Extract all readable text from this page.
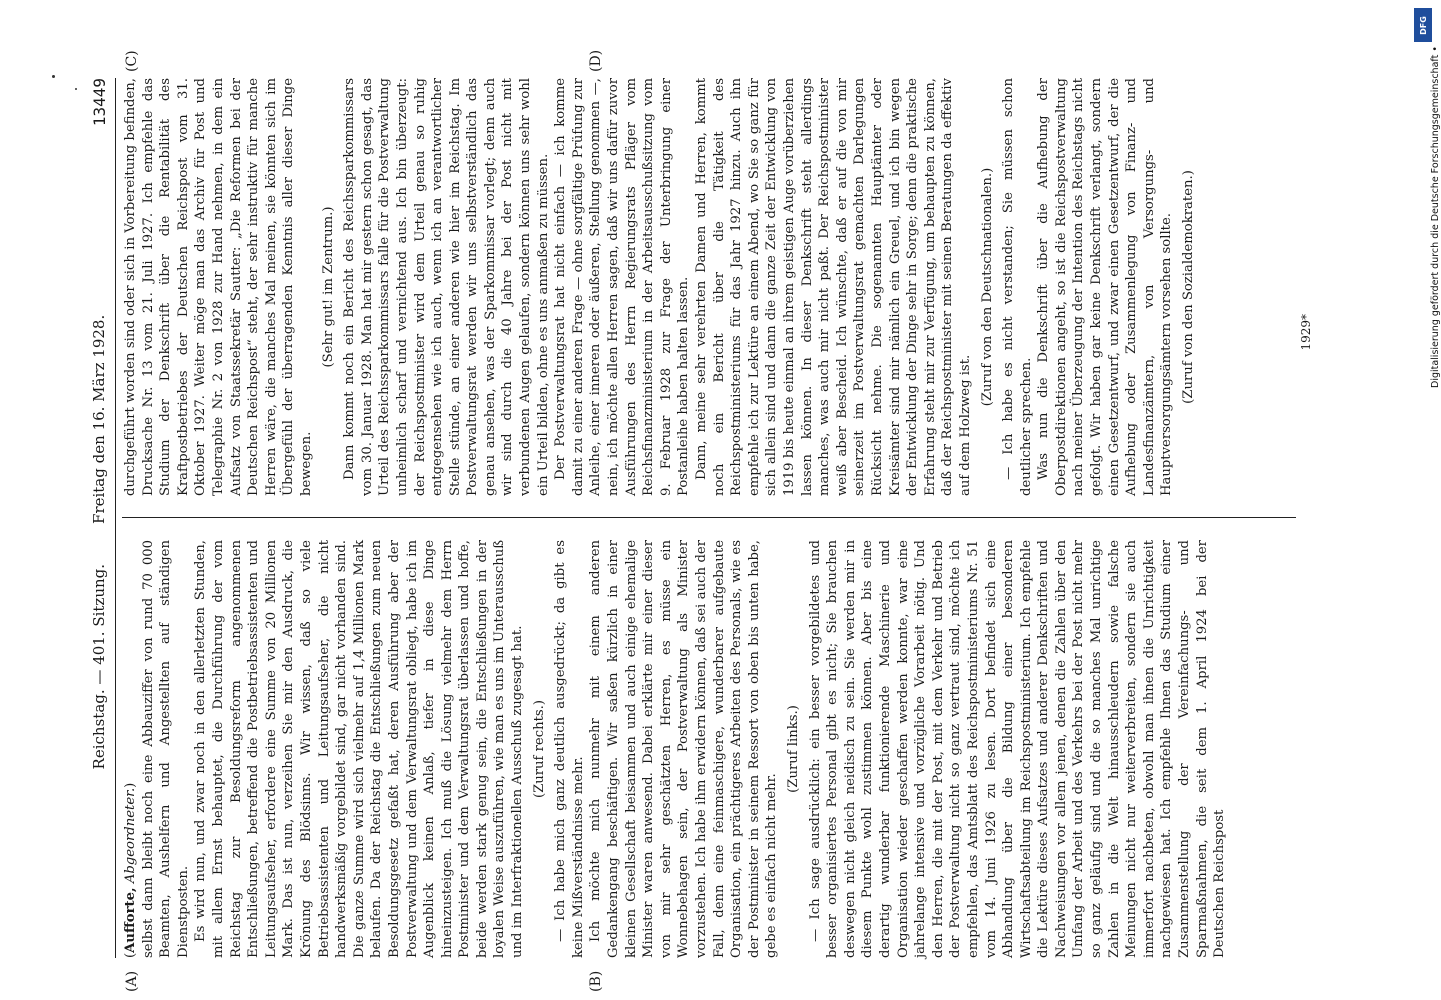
Reichstag. — 401. Sitzung.
Freitag den 16. März 1928.
13449

(Aufforte, Abgeordneter.) selbst dann bleibt noch eine Abbauziffer von rund 70 000 Beamten, Aushelfern und Angestellten auf ständigen Dienstposten. Es wird nun, und zwar noch in den allerletzten Stunden, mit allem Ernst behauptet, die Durchführung der vom Reichstag zur Besoldungsreform angenommenen Entschließungen, betreffend die Postbetriebsassistenten und Leitungsaufseher, erfordere eine Summe von 20 Millionen Mark. Das ist nun, verzeihen Sie mir den Ausdruck, die Krönung des Blödsinns. Wir wissen, daß so viele Betriebsassistenten und Leitungsaufseher, die nicht handwerksmäßig vorgebildet sind, gar nicht vorhanden sind. Die ganze Summe wird sich vielmehr auf 1,4 Millionen Mark belaufen. Da der Reichstag die Entschließungen zum neuen Besoldungsgesetz gefaßt hat, deren Ausführung aber der Postverwaltung und dem Verwaltungsrat obliegt, habe ich im Augenblick keinen Anlaß, tiefer in diese Dinge hineinzusteigen. Ich muß die Lösung vielmehr dem Herrn Postminister und dem Verwaltungsrat überlassen und hoffe, beide werden stark genug sein, die Entschließungen in der loyalen Weise auszuführen, wie man es uns im Unterausschuß und im Interfraktionellen Ausschuß zugesagt hat. (Zuruf rechts.) — Ich habe mich ganz deutlich ausgedrückt; da gibt es keine Mißverständnisse mehr. Ich möchte mich nunmehr mit einem anderen Gedankengang beschäftigen. Wir saßen kürzlich in einer kleinen Gesellschaft beisammen und auch einige ehemalige Minister waren anwesend. Dabei erklärte mir einer dieser von mir sehr geschätzten Herren, es müsse ein Wonnebehagen sein, der Postverwaltung als Minister vorzustehen. Ich habe ihm erwidern können, daß sei auch der Fall, denn eine feinmaschigere, wunderbarer aufgebaute Organisation, ein prächtigeres Arbeiten des Personals, wie es der Postminister in seinem Ressort von oben bis unten habe, gebe es einfach nicht mehr.

(Zuruf links.) — Ich sage ausdrücklich: ein besser vorgebildetes und besser organisiertes Personal gibt es nicht; Sie brauchen deswegen nicht gleich neidisch zu sein. Sie werden mir in diesem Punkte wohl zustimmen können. Aber bis eine derartig wunderbar funktionierende Maschinerie und Organisation wieder geschaffen werden konnte, war eine jahrelange intensive und vorzügliche Vorarbeit nötig. Und den Herren, die mit der Post, mit dem Verkehr und Betrieb der Postverwaltung nicht so ganz vertraut sind, möchte ich empfehlen, das Amtsblatt des Reichspostministeriums Nr. 51 vom 14. Juni 1926 zu lesen. Dort befindet sich eine Abhandlung über die Bildung einer besonderen Wirtschaftsabteilung im Reichspostministerium. Ich empfehle die Lektüre dieses Aufsatzes und anderer Denkschriften und Nachweisungen vor allem jenen, denen die Zahlen über den Umfang der Arbeit und des Verkehrs bei der Post nicht mehr so ganz geläufig sind und die so manches Mal unrichtige Zahlen in die Welt hinausschleudern sowie falsche Meinungen nicht nur weiterverbreiten, sondern sie auch immerfort nachbeten, obwohl man ihnen die Unrichtigkeit nachgewiesen hat. Ich empfehle Ihnen das Studium einer Zusammenstellung der Vereinfachungs- und Sparmaßnahmen, die seit dem 1. April 1924 bei der Deutschen Reichspost

durchgeführt worden sind oder sich in Vorbereitung befinden, Drucksache Nr. 13 vom 21. Juli 1927. Ich empfehle das Studium der Denkschrift über die Rentabilität des Kraftpostbetriebes der Deutschen Reichspost vom 31. Oktober 1927. Weiter möge man das Archiv für Post und Telegraphie Nr. 2 von 1928 zur Hand nehmen, in dem ein Aufsatz von Staatssekretär Sautter: „Die Reformen bei der Deutschen Reichspost“ steht, der sehr instruktiv für manche Herren wäre, die manches Mal meinen, sie könnten sich im Übergefühl der überragenden Kenntnis aller dieser Dinge bewegen.

(Sehr gut! im Zentrum.) Dann kommt noch ein Bericht des Reichssparkommissars vom 30. Januar 1928. Man hat mir gestern schon gesagt, das Urteil des Reichssparkommissars falle für die Postverwaltung unheimlich scharf und vernichtend aus. Ich bin überzeugt: der Reichspostminister wird dem Urteil genau so ruhig entgegensehen wie ich auch, wenn ich an verantwortlicher Stelle stünde, an einer anderen wie hier im Reichstag. Im Postverwaltungsrat werden wir uns selbstverständlich das genau ansehen, was der Sparkommissar vorlegt; denn auch wir sind durch die 40 Jahre bei der Post nicht mit verbundenen Augen gelaufen, sondern können uns sehr wohl ein Urteil bilden, ohne es uns anmaßen zu müssen. Der Postverwaltungsrat hat nicht einfach — ich komme damit zu einer anderen Frage — ohne sorgfältige Prüfung zur Anleihe, einer inneren oder äußeren, Stellung genommen —, nein, ich möchte allen Herren sagen, daß wir uns dafür zuvor Ausführungen des Herrn Regierungsrats Pfläger vom Reichsfinanzministerium in der Arbeitsausschußsitzung vom 9. Februar 1928 zur Frage der Unterbringung einer Postanleihe haben halten lassen. Dann, meine sehr verehrten Damen und Herren, kommt noch ein Bericht über die Tätigkeit des Reichspostministeriums für das Jahr 1927 hinzu. Auch ihn empfehle ich zur Lektüre an einem Abend, wo Sie so ganz für sich allein sind und dann die ganze Zeit der Entwicklung von 1919 bis heute einmal an ihrem geistigen Auge vorüberziehen lassen können. In dieser Denkschrift steht allerdings manches, was auch mir nicht paßt. Der Reichspostminister weiß aber Bescheid. Ich wünschte, daß er auf die von mir seinerzeit im Postverwaltungsrat gemachten Darlegungen Rücksicht nehme. Die sogenannten Hauptämter oder Kreisämter sind mir nämlich ein Greuel, und ich bin wegen der Entwicklung der Dinge sehr in Sorge; denn die praktische Erfahrung steht mir zur Verfügung, um behaupten zu können, daß der Reichspostminister mit seinen Beratungen da effektiv auf dem Holzweg ist.

(Zuruf von den Deutschnationalen.) — Ich habe es nicht verstanden; Sie müssen schon deutlicher sprechen. Was nun die Denkschrift über die Aufhebung der Oberpostdirektionen angeht, so ist die Reichspostverwaltung nach meiner Überzeugung der Intention des Reichstags nicht gefolgt. Wir haben gar keine Denkschrift verlangt, sondern einen Gesetzentwurf, und zwar einen Gesetzentwurf, der die Aufhebung oder Zusammenlegung von Finanz- und Landesfinanzämtern, von Versorgungs- und Hauptversorgungsämtern vorsehen sollte. (Zuruf von den Sozialdemokraten.)

(A)	(B)
(C)	(D)
1929*
DFG
Digitalisierung gefördert durch die Deutsche Forschungsgemeinschaft •
